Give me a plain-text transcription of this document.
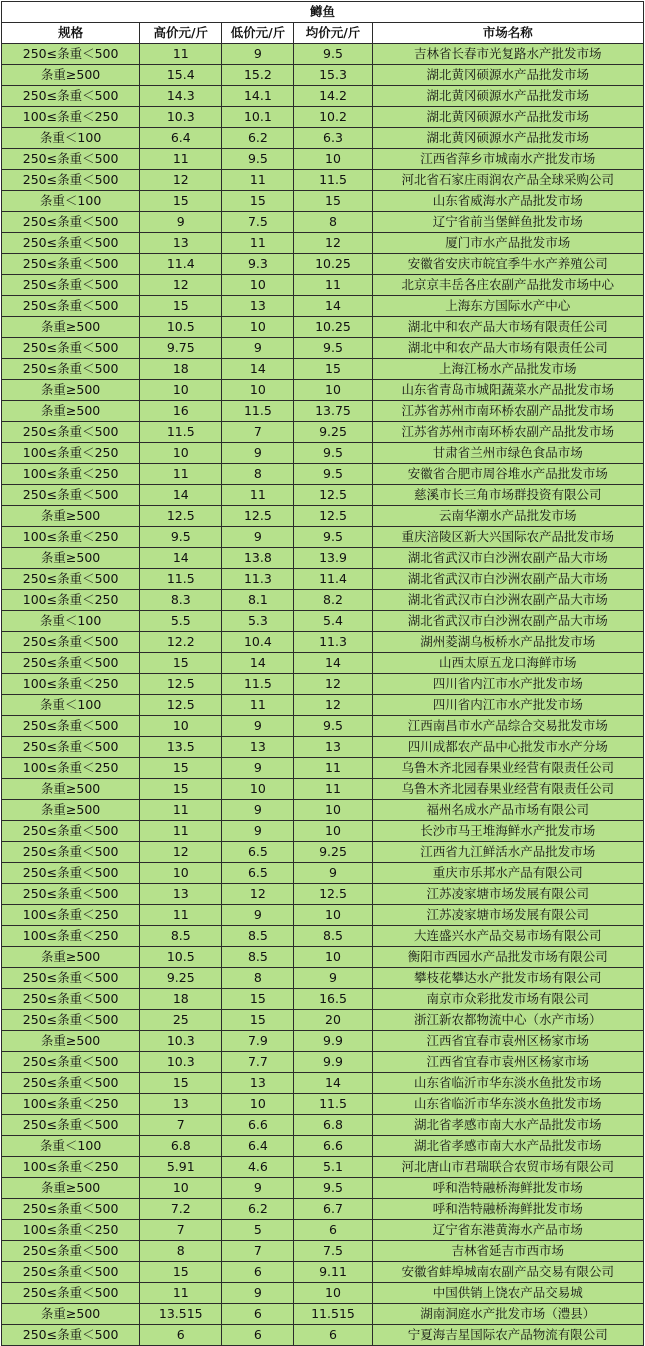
鳟鱼				
规格	高价元/斤	低价元/斤	均价元/斤	市场名称
250≤条重＜500	11	9	9.5	吉林省长春市光复路水产批发市场
条重≥500	15.4	15.2	15.3	湖北黄冈硕源水产品批发市场
250≤条重＜500	14.3	14.1	14.2	湖北黄冈硕源水产品批发市场
100≤条重＜250	10.3	10.1	10.2	湖北黄冈硕源水产品批发市场
条重＜100	6.4	6.2	6.3	湖北黄冈硕源水产品批发市场
250≤条重＜500	11	9.5	10	江西省萍乡市城南水产批发市场
250≤条重＜500	12	11	11.5	河北省石家庄雨润农产品全球采购公司
条重＜100	15	15	15	山东省威海水产品批发市场
250≤条重＜500	9	7.5	8	辽宁省前当堡鲜鱼批发市场
250≤条重＜500	13	11	12	厦门市水产品批发市场
250≤条重＜500	11.4	9.3	10.25	安徽省安庆市皖宜季牛水产养殖公司
250≤条重＜500	12	10	11	北京京丰岳各庄农副产品批发市场中心
250≤条重＜500	15	13	14	上海东方国际水产中心
条重≥500	10.5	10	10.25	湖北中和农产品大市场有限责任公司
250≤条重＜500	9.75	9	9.5	湖北中和农产品大市场有限责任公司
250≤条重＜500	18	14	15	上海江杨水产品批发市场
条重≥500	10	10	10	山东省青岛市城阳蔬菜水产品批发市场
条重≥500	16	11.5	13.75	江苏省苏州市南环桥农副产品批发市场
250≤条重＜500	11.5	7	9.25	江苏省苏州市南环桥农副产品批发市场
100≤条重＜250	10	9	9.5	甘肃省兰州市绿色食品市场
100≤条重＜250	11	8	9.5	安徽省合肥市周谷堆水产品批发市场
250≤条重＜500	14	11	12.5	慈溪市长三角市场群投资有限公司
条重≥500	12.5	12.5	12.5	云南华潮水产品批发市场
100≤条重＜250	9.5	9	9.5	重庆涪陵区新大兴国际农产品批发市场
条重≥500	14	13.8	13.9	湖北省武汉市白沙洲农副产品大市场
250≤条重＜500	11.5	11.3	11.4	湖北省武汉市白沙洲农副产品大市场
100≤条重＜250	8.3	8.1	8.2	湖北省武汉市白沙洲农副产品大市场
条重＜100	5.5	5.3	5.4	湖北省武汉市白沙洲农副产品大市场
250≤条重＜500	12.2	10.4	11.3	湖州菱湖乌板桥水产品批发市场
250≤条重＜500	15	14	14	山西太原五龙口海鲜市场
100≤条重＜250	12.5	11.5	12	四川省内江市水产批发市场
条重＜100	12.5	11	12	四川省内江市水产批发市场
250≤条重＜500	10	9	9.5	江西南昌市水产品综合交易批发市场
250≤条重＜500	13.5	13	13	四川成都农产品中心批发市水产分场
100≤条重＜250	15	9	11	乌鲁木齐北园春果业经营有限责任公司
条重≥500	15	10	11	乌鲁木齐北园春果业经营有限责任公司
条重≥500	11	9	10	福州名成水产品市场有限公司
250≤条重＜500	11	9	10	长沙市马王堆海鲜水产批发市场
250≤条重＜500	12	6.5	9.25	江西省九江鲜活水产品批发市场
250≤条重＜500	10	6.5	9	重庆市乐邦水产品有限公司
250≤条重＜500	13	12	12.5	江苏凌家塘市场发展有限公司
100≤条重＜250	11	9	10	江苏凌家塘市场发展有限公司
100≤条重＜250	8.5	8.5	8.5	大连盛兴水产品交易市场有限公司
条重≥500	10.5	8.5	10	衡阳市西园水产品批发市场有限公司
250≤条重＜500	9.25	8	9	攀枝花攀达水产批发市场有限公司
250≤条重＜500	18	15	16.5	南京市众彩批发市场有限公司
250≤条重＜500	25	15	20	浙江新农都物流中心（水产市场）
条重≥500	10.3	7.9	9.9	江西省宜春市袁州区杨家市场
250≤条重＜500	10.3	7.7	9.9	江西省宜春市袁州区杨家市场
250≤条重＜500	15	13	14	山东省临沂市华东淡水鱼批发市场
100≤条重＜250	13	10	11.5	山东省临沂市华东淡水鱼批发市场
250≤条重＜500	7	6.6	6.8	湖北省孝感市南大水产品批发市场
条重＜100	6.8	6.4	6.6	湖北省孝感市南大水产品批发市场
100≤条重＜250	5.91	4.6	5.1	河北唐山市君瑞联合农贸市场有限公司
条重≥500	10	9	9.5	呼和浩特融桥海鲜批发市场
250≤条重＜500	7.2	6.2	6.7	呼和浩特融桥海鲜批发市场
100≤条重＜250	7	5	6	辽宁省东港黄海水产品市场
250≤条重＜500	8	7	7.5	吉林省延吉市西市场
250≤条重＜500	15	6	9.11	安徽省蚌埠城南农副产品交易有限公司
250≤条重＜500	11	9	10	中国供销上饶农产品交易城
条重≥500	13.515	6	11.515	湖南洞庭水产批发市场（澧县）
250≤条重＜500	6	6	6	宁夏海吉星国际农产品物流有限公司
